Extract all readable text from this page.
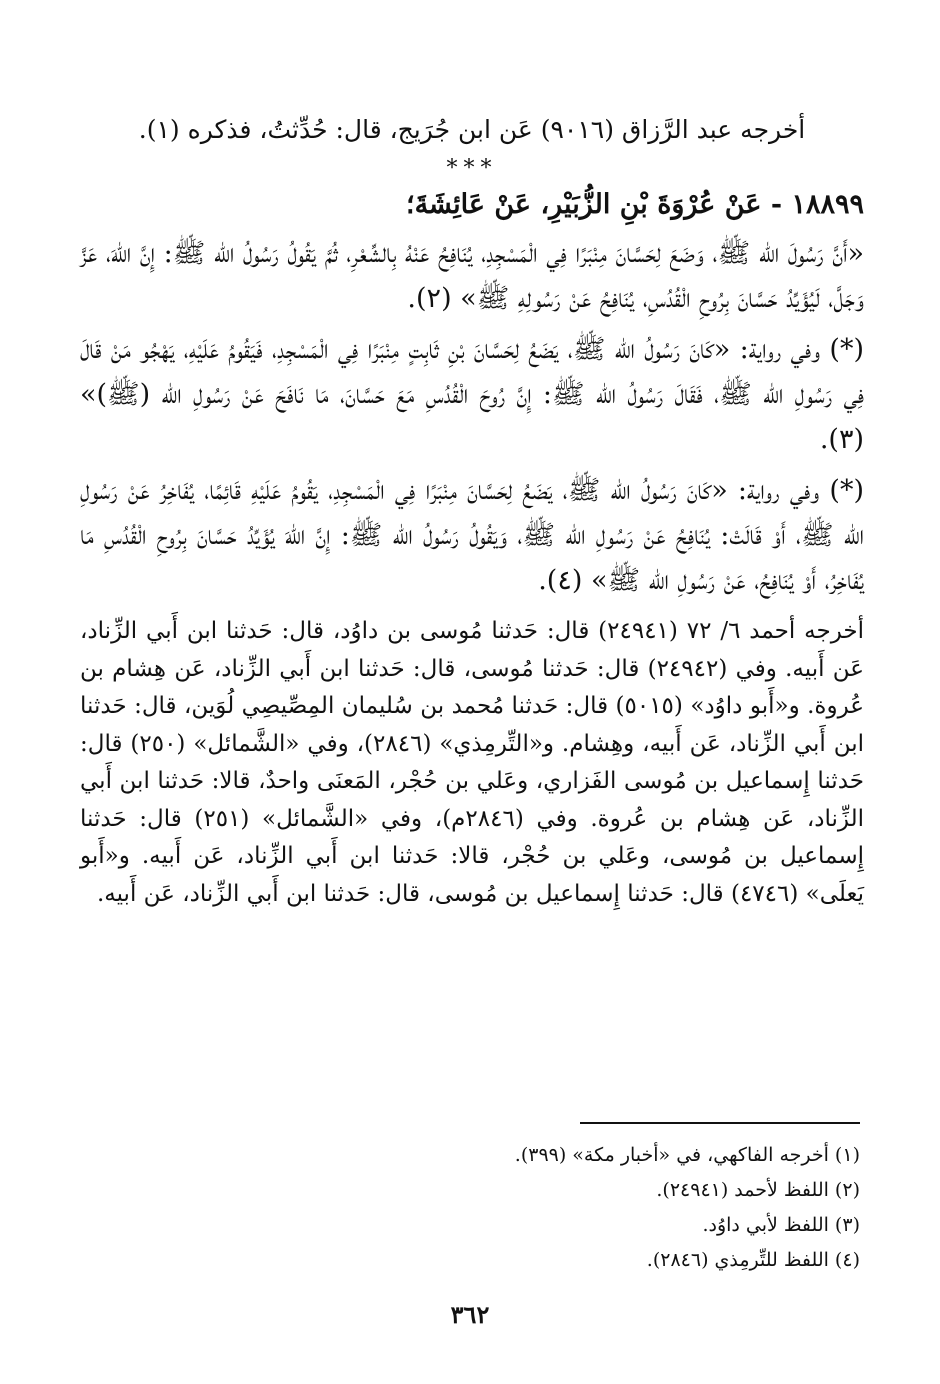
أخرجه عبد الرَّزاق (٩٠١٦) عَن ابن جُرَيج، قال: حُدِّثتُ، فذكره (١).

***

١٨٨٩٩ - عَنْ عُرْوَةَ بْنِ الزُّبَيْرِ، عَنْ عَائِشَةَ؛

«أَنَّ رَسُولَ الله ﷺ، وَضَعَ لِحَسَّانَ مِنْبَرًا فِي الْمَسْجِدِ، يُنَافِحُ عَنْهُ بِالشِّعْرِ، ثُمَّ يَقُولُ رَسُولُ الله ﷺ: إِنَّ اللهَ، عَزَّ وَجَلَّ، لَيُؤَيِّدُ حَسَّانَ بِرُوحِ الْقُدُسِ، يُنَافِحُ عَنْ رَسُولِهِ ﷺ» (٢).

(*) وفي رواية: «كَانَ رَسُولُ الله ﷺ، يَضَعُ لِحَسَّانَ بْنِ ثَابِتٍ مِنْبَرًا فِي الْمَسْجِدِ، فَيَقُومُ عَلَيْهِ، يَهْجُو مَنْ قَالَ فِي رَسُولِ الله ﷺ، فَقَالَ رَسُولُ الله ﷺ: إِنَّ رُوحَ الْقُدُسِ مَعَ حَسَّانَ، مَا نَافَحَ عَنْ رَسُولِ الله (ﷺ)» (٣).

(*) وفي رواية: «كَانَ رَسُولُ الله ﷺ، يَضَعُ لِحَسَّانَ مِنْبَرًا فِي الْمَسْجِدِ، يَقُومُ عَلَيْهِ قَائِمًا، يُفَاخِرُ عَنْ رَسُولِ الله ﷺ، أَوْ قَالَتْ: يُنَافِحُ عَنْ رَسُولِ الله ﷺ، وَيَقُولُ رَسُولُ الله ﷺ: إِنَّ اللهَ يُؤَيِّدُ حَسَّانَ بِرُوحِ الْقُدُسِ مَا يُفَاخِرُ، أَوْ يُنَافِحُ، عَنْ رَسُولِ الله ﷺ» (٤).

أخرجه أحمد ٦/ ٧٢ (٢٤٩٤١) قال: حَدثنا مُوسى بن داوُد، قال: حَدثنا ابن أَبي الزِّناد، عَن أَبيه. وفي (٢٤٩٤٢) قال: حَدثنا مُوسى، قال: حَدثنا ابن أَبي الزِّناد، عَن هِشام بن عُروة. و«أَبو داوُد» (٥٠١٥) قال: حَدثنا مُحمد بن سُليمان المِصِّيصِي لُوَين، قال: حَدثنا ابن أَبي الزِّناد، عَن أَبيه، وهِشام. و«التِّرمِذي» (٢٨٤٦)، وفي «الشَّمائل» (٢٥٠) قال: حَدثنا إِسماعيل بن مُوسى الفَزاري، وعَلي بن حُجْر، المَعنَى واحدٌ، قالا: حَدثنا ابن أَبي الزِّناد، عَن هِشام بن عُروة. وفي (٢٨٤٦م)، وفي «الشَّمائل» (٢٥١) قال: حَدثنا إِسماعيل بن مُوسى، وعَلي بن حُجْر، قالا: حَدثنا ابن أَبي الزِّناد، عَن أَبيه. و«أَبو يَعلَى» (٤٧٤٦) قال: حَدثنا إِسماعيل بن مُوسى، قال: حَدثنا ابن أَبي الزِّناد، عَن أَبيه.

(١) أخرجه الفاكهي، في «أخبار مكة» (٣٩٩).
(٢) اللفظ لأحمد (٢٤٩٤١).
(٣) اللفظ لأبي داوُد.
(٤) اللفظ للتِّرمِذي (٢٨٤٦).
٣٦٢
